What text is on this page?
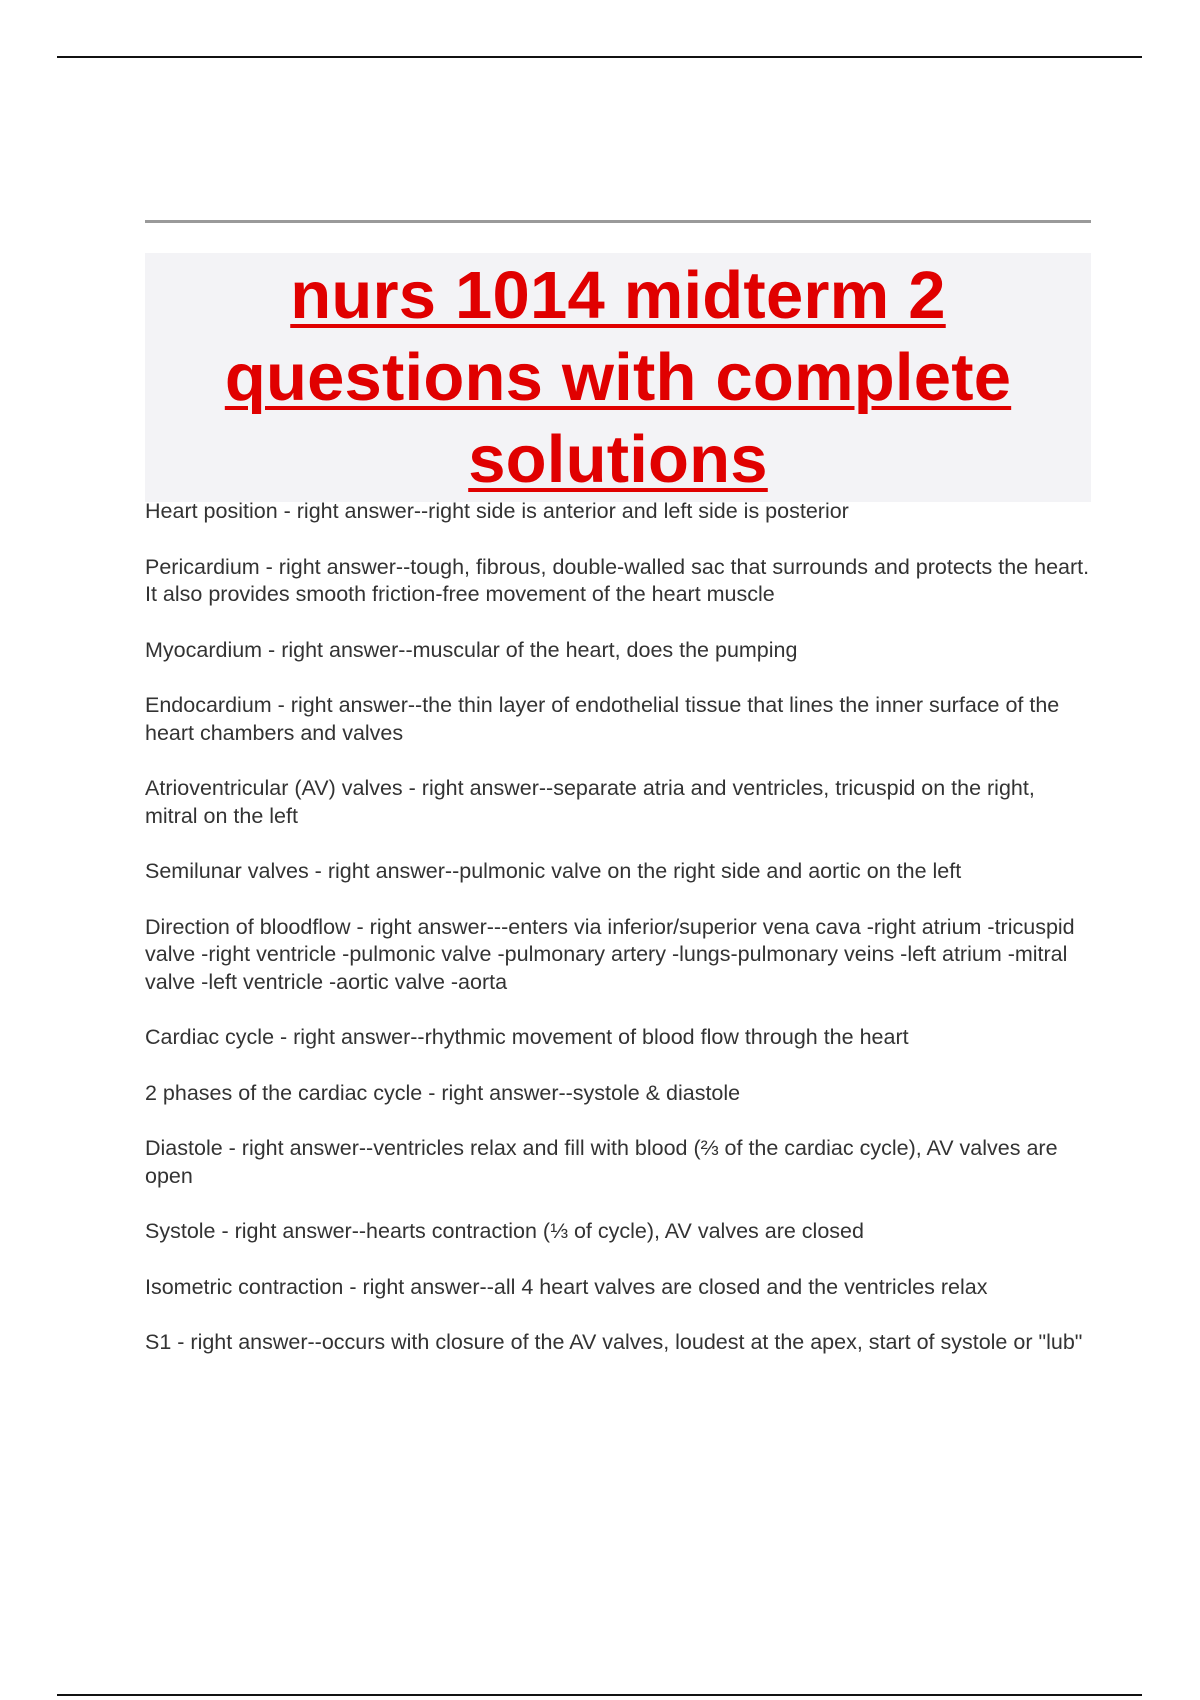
nurs 1014 midterm 2 questions with complete solutions
Heart position - right answer--right side is anterior and left side is posterior
Pericardium - right answer--tough, fibrous, double-walled sac that surrounds and protects the heart. It also provides smooth friction-free movement of the heart muscle
Myocardium - right answer--muscular of the heart, does the pumping
Endocardium - right answer--the thin layer of endothelial tissue that lines the inner surface of the heart chambers and valves
Atrioventricular (AV) valves - right answer--separate atria and ventricles, tricuspid on the right, mitral on the left
Semilunar valves - right answer--pulmonic valve on the right side and aortic on the left
Direction of bloodflow - right answer---enters via inferior/superior vena cava -right atrium -tricuspid valve -right ventricle -pulmonic valve -pulmonary artery -lungs-pulmonary veins -left atrium -mitral valve -left ventricle -aortic valve -aorta
Cardiac cycle - right answer--rhythmic movement of blood flow through the heart
2 phases of the cardiac cycle - right answer--systole & diastole
Diastole - right answer--ventricles relax and fill with blood (⅔ of the cardiac cycle), AV valves are open
Systole - right answer--hearts contraction (⅓ of cycle), AV valves are closed
Isometric contraction - right answer--all 4 heart valves are closed and the ventricles relax
S1 - right answer--occurs with closure of the AV valves, loudest at the apex, start of systole or "lub"
